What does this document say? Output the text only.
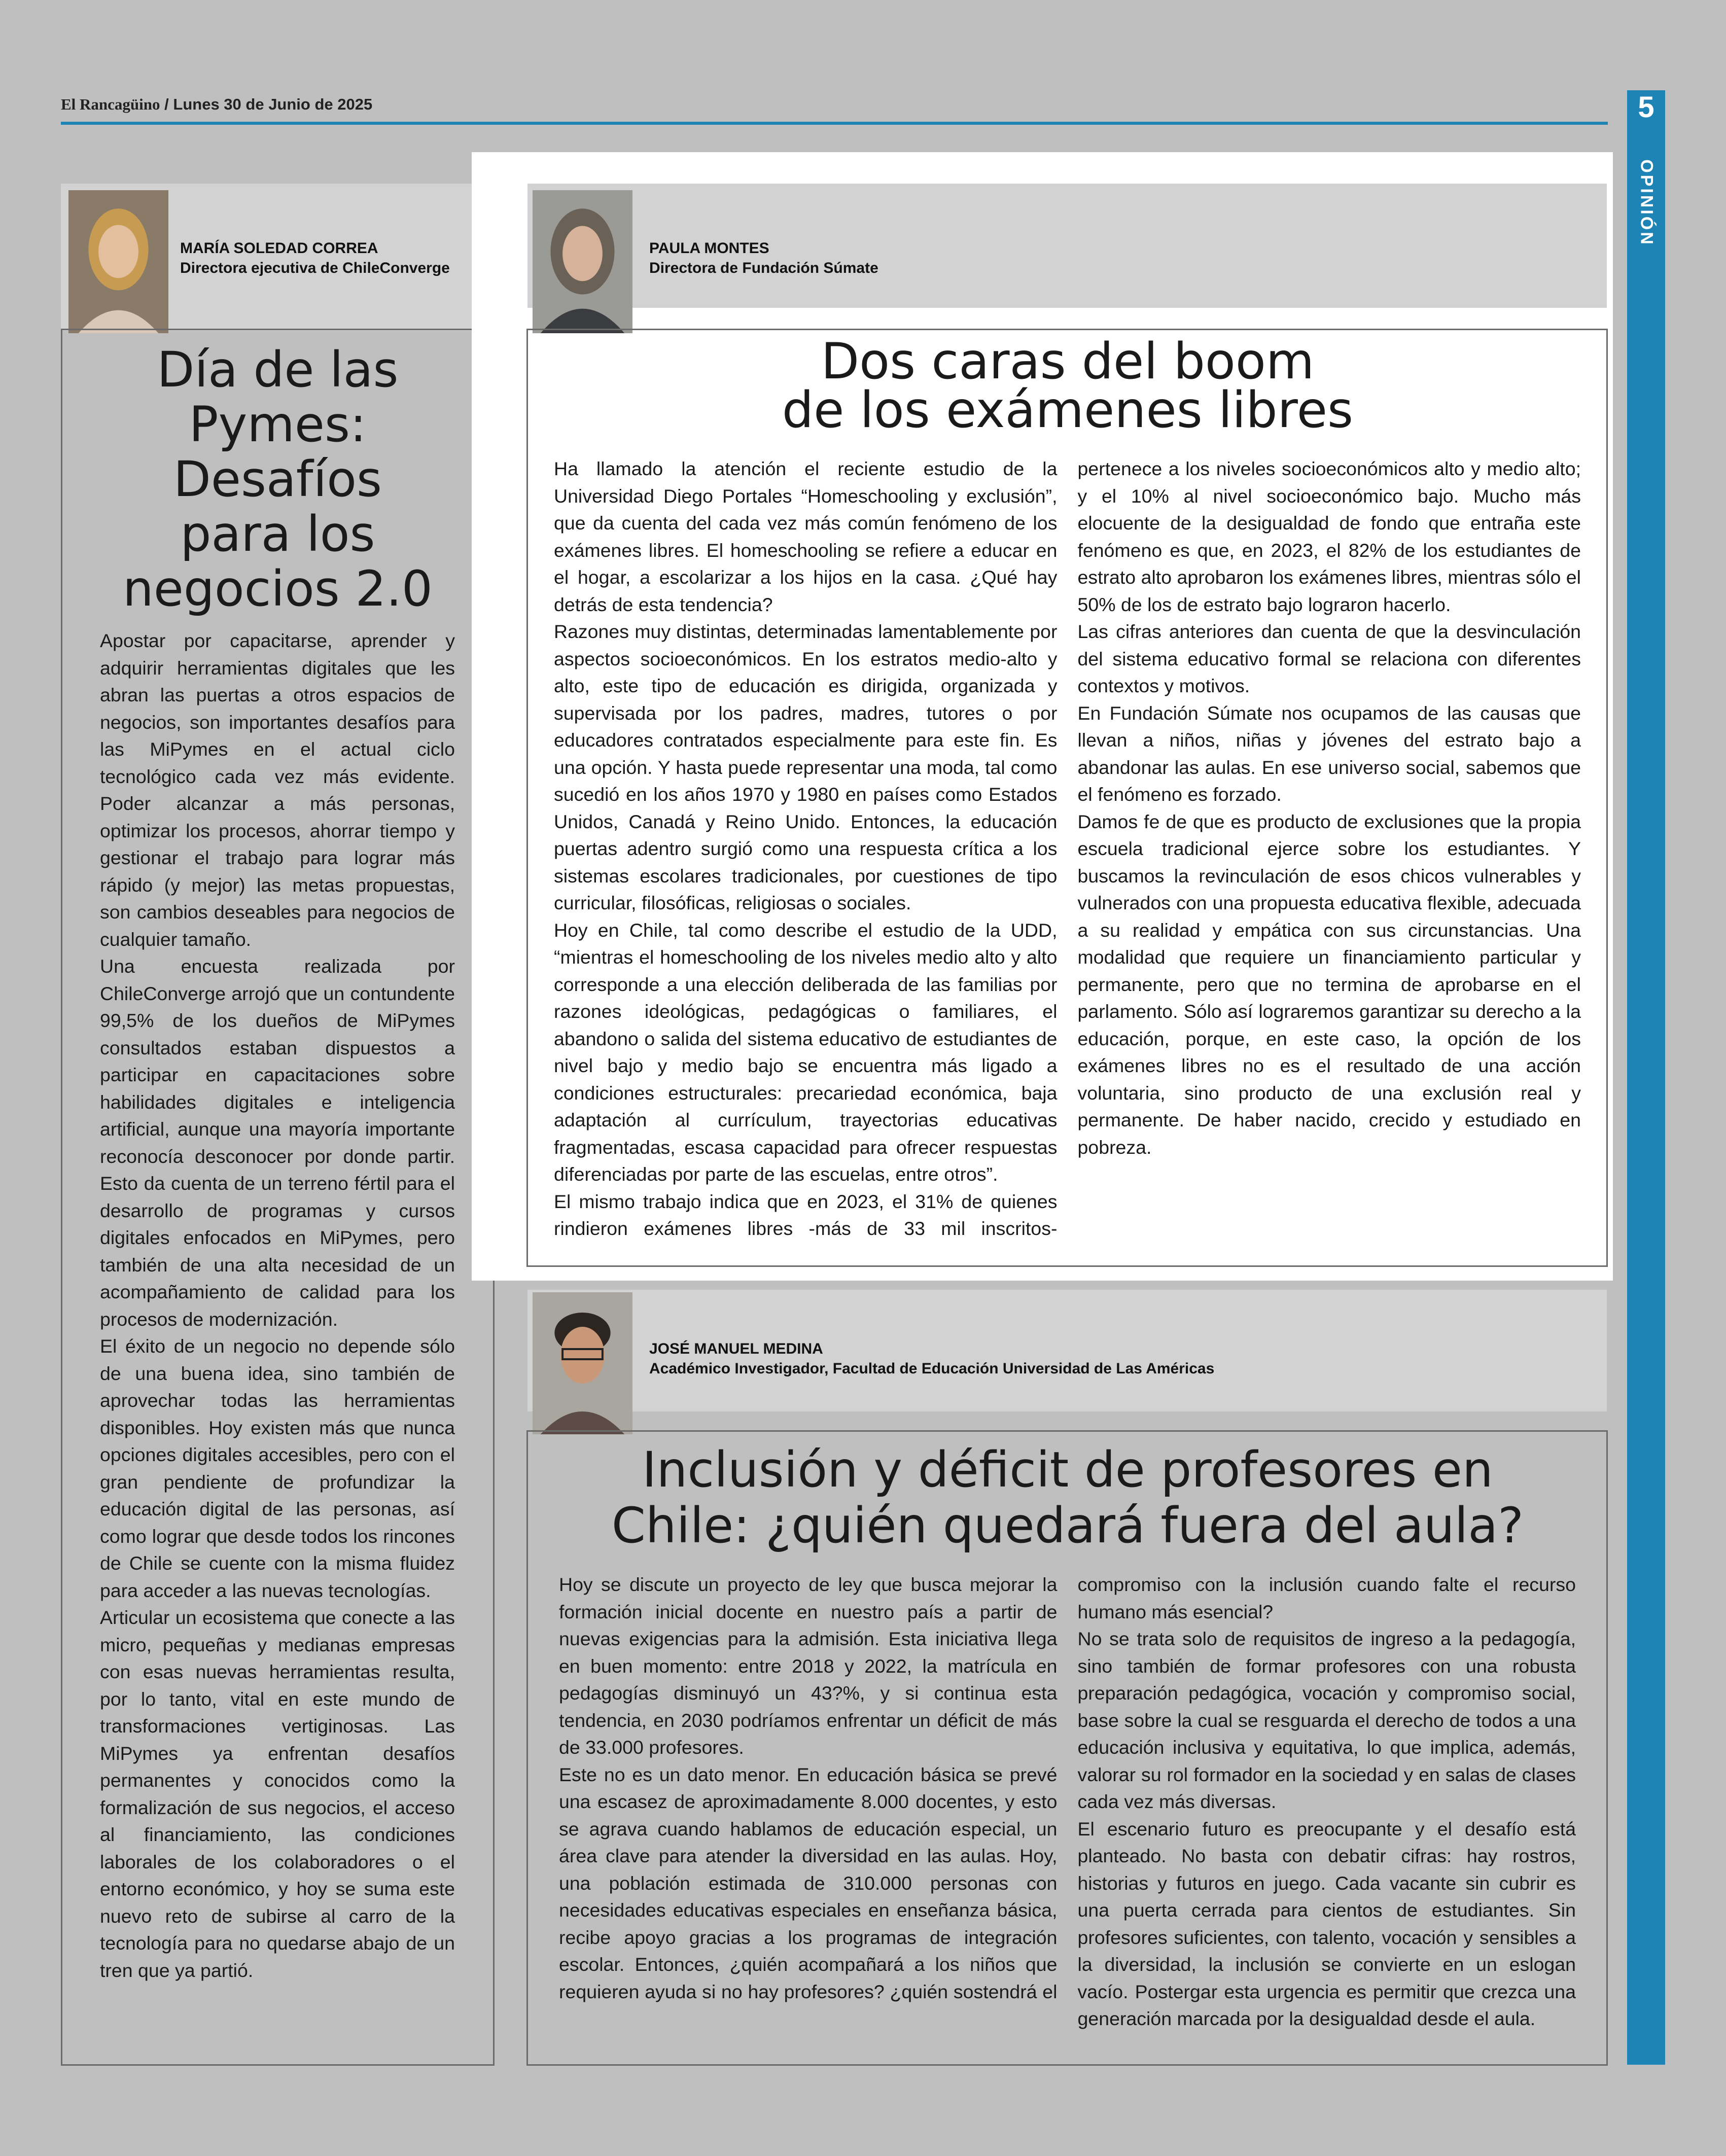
El Rancagüino / Lunes 30 de Junio de 2025	5
OPINIÓN
MARÍA SOLEDAD CORREA
Directora ejecutiva de ChileConverge
Día de las
Pymes:
Desafíos
para los
negocios 2.0

Apostar por capacitarse, aprender y adquirir herramientas digitales que les abran las puertas a otros espacios de negocios, son importantes desafíos para las MiPymes en el actual ciclo tecnológico cada vez más evidente. Poder alcanzar a más personas, optimizar los procesos, ahorrar tiempo y gestionar el trabajo para lograr más rápido (y mejor) las metas propuestas, son cambios deseables para negocios de cualquier tamaño.

Una encuesta realizada por ChileConverge arrojó que un contundente 99,5% de los dueños de MiPymes consultados estaban dispuestos a participar en capacitaciones sobre habilidades digitales e inteligencia artificial, aunque una mayoría importante reconocía desconocer por donde partir. Esto da cuenta de un terreno fértil para el desarrollo de programas y cursos digitales enfocados en MiPymes, pero también de una alta necesidad de un acompañamiento de calidad para los procesos de modernización.

El éxito de un negocio no depende sólo de una buena idea, sino también de aprovechar todas las herramientas disponibles. Hoy existen más que nunca opciones digitales accesibles, pero con el gran pendiente de profundizar la educación digital de las personas, así como lograr que desde todos los rincones de Chile se cuente con la misma fluidez para acceder a las nuevas tecnologías.

Articular un ecosistema que conecte a las micro, pequeñas y medianas empresas con esas nuevas herramientas resulta, por lo tanto, vital en este mundo de transformaciones vertiginosas. Las MiPymes ya enfrentan desafíos permanentes y conocidos como la formalización de sus negocios, el acceso al financiamiento, las condiciones laborales de los colaboradores o el entorno económico, y hoy se suma este nuevo reto de subirse al carro de la tecnología para no quedarse abajo de un tren que ya partió.

PAULA MONTES
Directora de Fundación Súmate
Dos caras del boom
de los exámenes libres

Ha llamado la atención el reciente estudio de la Universidad Diego Portales “Homeschooling y exclusión”, que da cuenta del cada vez más común fenómeno de los exámenes libres. El homeschooling se refiere a educar en el hogar, a escolarizar a los hijos en la casa. ¿Qué hay detrás de esta tendencia?

Razones muy distintas, determinadas lamentablemente por aspectos socioeconómicos. En los estratos medio-alto y alto, este tipo de educación es dirigida, organizada y supervisada por los padres, madres, tutores o por educadores contratados especialmente para este fin. Es una opción. Y hasta puede representar una moda, tal como sucedió en los años 1970 y 1980 en países como Estados Unidos, Canadá y Reino Unido. Entonces, la educación puertas adentro surgió como una respuesta crítica a los sistemas escolares tradicionales, por cuestiones de tipo curricular, filosóficas, religiosas o sociales.

Hoy en Chile, tal como describe el estudio de la UDD, “mientras el homeschooling de los niveles medio alto y alto corresponde a una elección deliberada de las familias por razones ideológicas, pedagógicas o familiares, el abandono o salida del sistema educativo de estudiantes de nivel bajo y medio bajo se encuentra más ligado a condiciones estructurales: precariedad económica, baja adaptación al currículum, trayectorias educativas fragmentadas, escasa capacidad para ofrecer respuestas diferenciadas por parte de las escuelas, entre otros”.

El mismo trabajo indica que en 2023, el 31% de quienes rindieron exámenes libres -más de 33 mil inscritos- pertenece a los niveles socioeconómicos alto y medio alto; y el 10% al nivel socioeconómico bajo. Mucho más elocuente de la desigualdad de fondo que entraña este fenómeno es que, en 2023, el 82% de los estudiantes de estrato alto aprobaron los exámenes libres, mientras sólo el 50% de los de estrato bajo lograron hacerlo.

Las cifras anteriores dan cuenta de que la desvinculación del sistema educativo formal se relaciona con diferentes contextos y motivos.

En Fundación Súmate nos ocupamos de las causas que llevan a niños, niñas y jóvenes del estrato bajo a abandonar las aulas. En ese universo social, sabemos que el fenómeno es forzado.

Damos fe de que es producto de exclusiones que la propia escuela tradicional ejerce sobre los estudiantes. Y buscamos la revinculación de esos chicos vulnerables y vulnerados con una propuesta educativa flexible, adecuada a su realidad y empática con sus circunstancias. Una modalidad que requiere un financiamiento particular y permanente, pero que no termina de aprobarse en el parlamento. Sólo así lograremos garantizar su derecho a la educación, porque, en este caso, la opción de los exámenes libres no es el resultado de una acción voluntaria, sino producto de una exclusión real y permanente. De haber nacido, crecido y estudiado en pobreza.

JOSÉ MANUEL MEDINA
Académico Investigador, Facultad de Educación Universidad de Las Américas
Inclusión y déficit de profesores en
Chile: ¿quién quedará fuera del aula?

Hoy se discute un proyecto de ley que busca mejorar la formación inicial docente en nuestro país a partir de nuevas exigencias para la admisión. Esta iniciativa llega en buen momento: entre 2018 y 2022, la matrícula en pedagogías disminuyó un 43?%, y si continua esta tendencia, en 2030 podríamos enfrentar un déficit de más de 33.000 profesores.

Este no es un dato menor. En educación básica se prevé una escasez de aproximadamente 8.000 docentes, y esto se agrava cuando hablamos de educación especial, un área clave para atender la diversidad en las aulas. Hoy, una población estimada de 310.000 personas con necesidades educativas especiales en enseñanza básica, recibe apoyo gracias a los programas de integración escolar. Entonces, ¿quién acompañará a los niños que requieren ayuda si no hay profesores? ¿quién sostendrá el compromiso con la inclusión cuando falte el recurso humano más esencial?

No se trata solo de requisitos de ingreso a la pedagogía, sino también de formar profesores con una robusta preparación pedagógica, vocación y compromiso social, base sobre la cual se resguarda el derecho de todos a una educación inclusiva y equitativa, lo que implica, además, valorar su rol formador en la sociedad y en salas de clases cada vez más diversas.

El escenario futuro es preocupante y el desafío está planteado. No basta con debatir cifras: hay rostros, historias y futuros en juego. Cada vacante sin cubrir es una puerta cerrada para cientos de estudiantes. Sin profesores suficientes, con talento, vocación y sensibles a la diversidad, la inclusión se convierte en un eslogan vacío. Postergar esta urgencia es permitir que crezca una generación marcada por la desigualdad desde el aula.
